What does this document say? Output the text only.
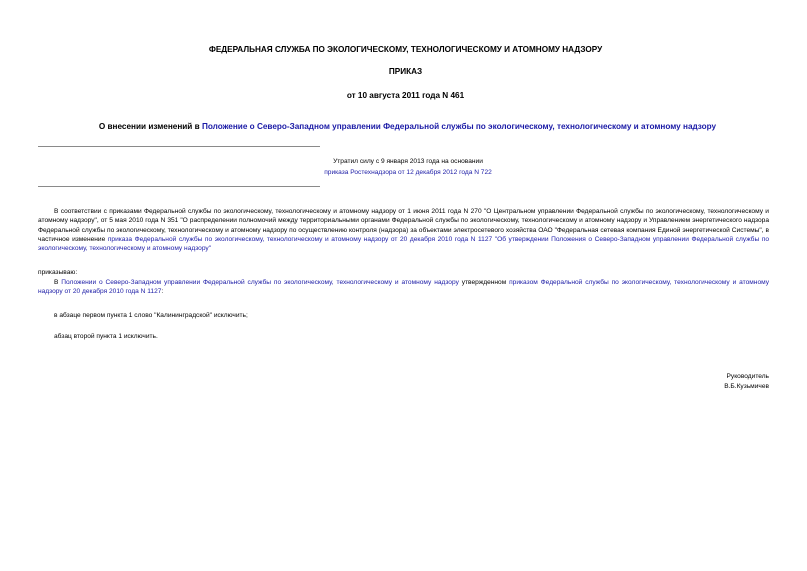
ФЕДЕРАЛЬНАЯ СЛУЖБА ПО ЭКОЛОГИЧЕСКОМУ, ТЕХНОЛОГИЧЕСКОМУ И АТОМНОМУ НАДЗОРУ
ПРИКАЗ
от 10 августа 2011 года N 461
О внесении изменений в Положение о Северо-Западном управлении Федеральной службы по экологическому, технологическому и атомному надзору
Утратил силу с 9 января 2013 года на основании
приказа Ростехнадзора от 12 декабря 2012 года N 722
В соответствии с приказами Федеральной службы по экологическому, технологическому и атомному надзору от 1 июня 2011 года N 270 "О Центральном управлении Федеральной службы по экологическому, технологическому и атомному надзору", от 5 мая 2010 года N 351 "О распределении полномочий между территориальными органами Федеральной службы по экологическому, технологическому и атомному надзору и Управлением энергетического надзора Федеральной службы по экологическому, технологическому и атомному надзору по осуществлению контроля (надзора) за объектами электросетевого хозяйства ОАО "Федеральная сетевая компания Единой энергетической Системы", в частичное изменение приказа Федеральной службы по экологическому, технологическому и атомному надзору от 20 декабря 2010 года N 1127 "Об утверждении Положения о Северо-Западном управлении Федеральной службы по экологическому, технологическому и атомному надзору"
приказываю:
В Положении о Северо-Западном управлении Федеральной службы по экологическому, технологическому и атомному надзору утвержденном приказом Федеральной службы по экологическому, технологическому и атомному надзору от 20 декабря 2010 года N 1127:
в абзаце первом пункта 1 слово "Калининградской" исключить;
абзац второй пункта 1 исключить.
Руководитель
В.Б.Кузьмичев
